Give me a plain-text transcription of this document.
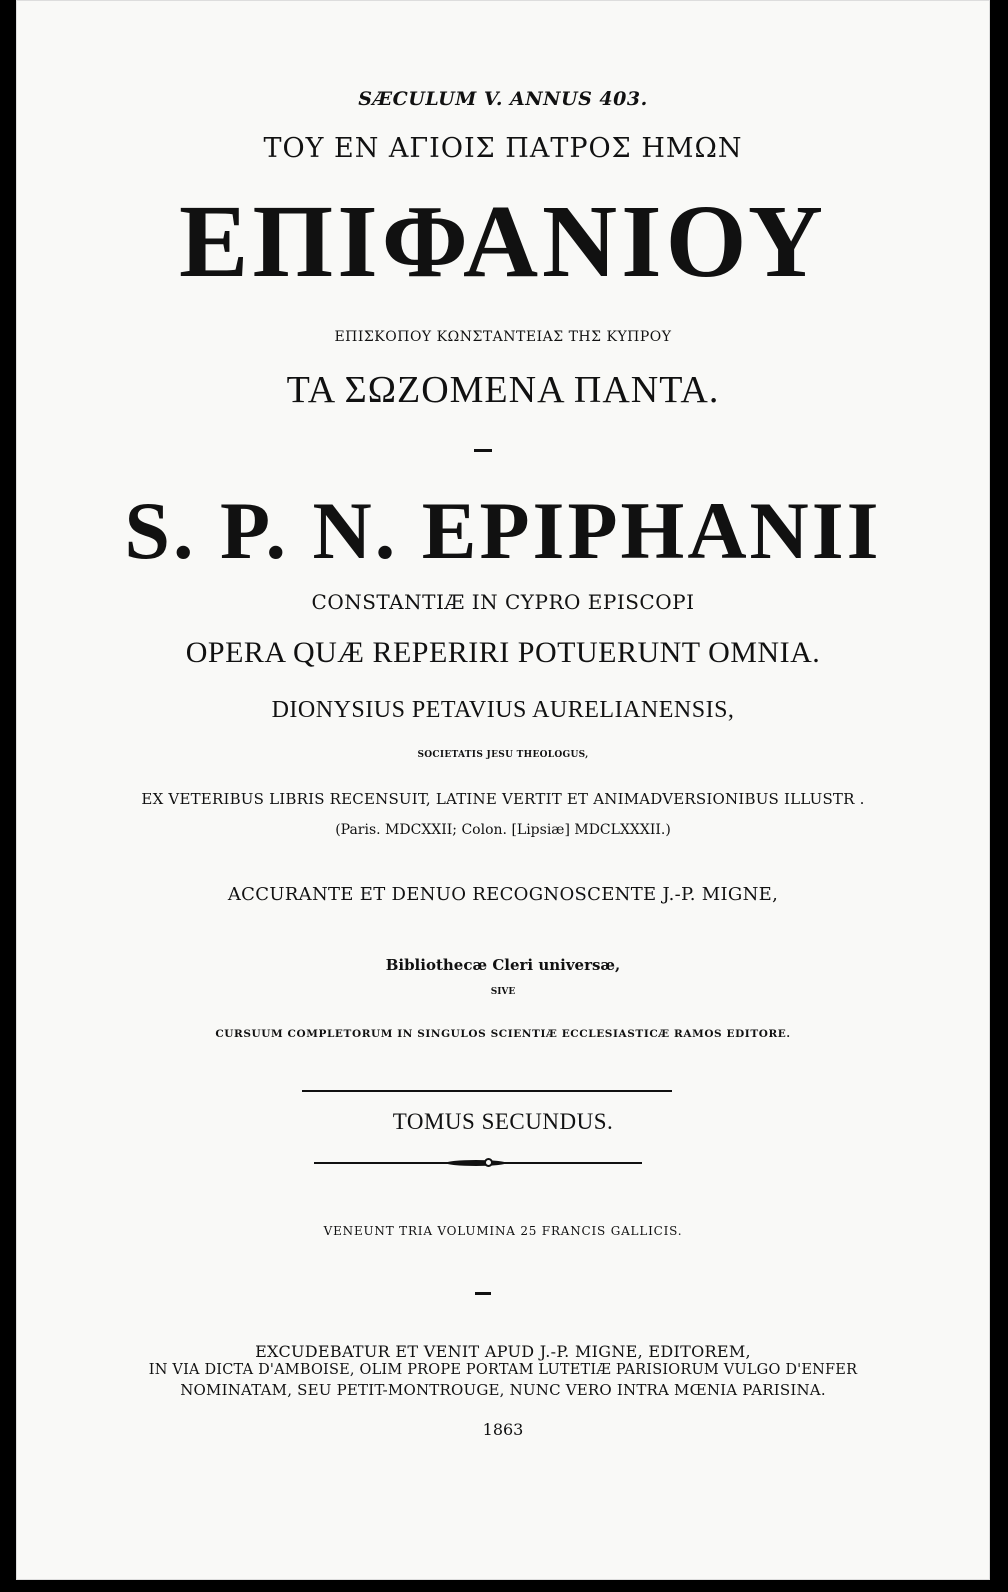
SÆCULUM V. ANNUS 403.

ΤΟΥ ΕΝ ΑΓΙΟΙΣ ΠΑΤΡΟΣ ΗΜΩΝ

ΕΠΙΦΑΝΙΟΥ

ΕΠΙΣΚΟΠΟΥ ΚΩΝΣΤΑΝΤΕΙΑΣ ΤΗΣ ΚΥΠΡΟΥ

ΤΑ ΣΩΖΟΜΕΝΑ ΠΑΝΤΑ.

S. P. N. EPIPHANII

CONSTANTIÆ IN CYPRO EPISCOPI

OPERA QUÆ REPERIRI POTUERUNT OMNIA.

DIONYSIUS PETAVIUS AURELIANENSIS,

SOCIETATIS JESU THEOLOGUS,

EX VETERIBUS LIBRIS RECENSUIT, LATINE VERTIT ET ANIMADVERSIONIBUS ILLUSTR .

(Paris. MDCXXII; Colon. [Lipsiæ] MDCLXXXII.)

ACCURANTE ET DENUO RECOGNOSCENTE J.-P. MIGNE,

Bibliothecæ Cleri universæ,

SIVE

CURSUUM COMPLETORUM IN SINGULOS SCIENTIÆ ECCLESIASTICÆ RAMOS EDITORE.

TOMUS SECUNDUS.

VENEUNT TRIA VOLUMINA 25 FRANCIS GALLICIS.

EXCUDEBATUR ET VENIT APUD J.-P. MIGNE, EDITOREM,

IN VIA DICTA D'AMBOISE, OLIM PROPE PORTAM LUTETIÆ PARISIORUM VULGO D'ENFER

NOMINATAM, SEU PETIT-MONTROUGE, NUNC VERO INTRA MŒNIA PARISINA.

1863
